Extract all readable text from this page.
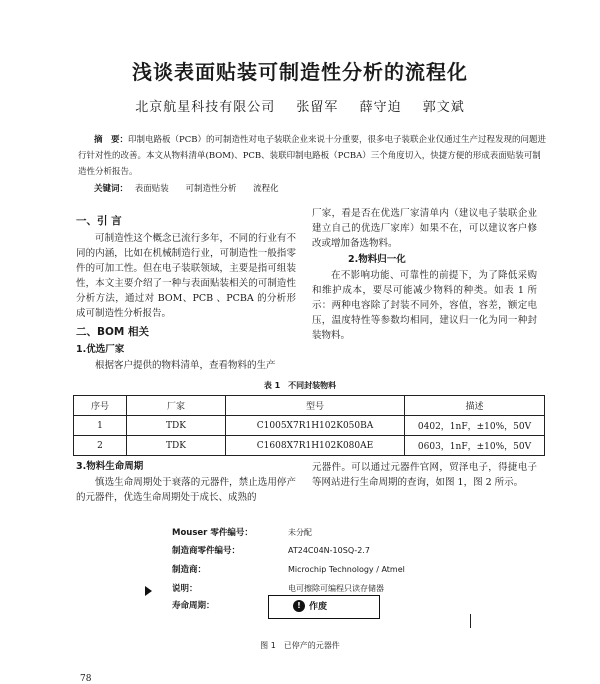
浅谈表面贴装可制造性分析的流程化
北京航星科技有限公司 张留军 薛守迫 郭文斌
摘　要：印制电路板（PCB）的可制造性对电子装联企业来说十分重要，很多电子装联企业仅通过生产过程发现的问题进行针对性的改善。本文从物料清单(BOM)、PCB、装联印制电路板（PCBA）三个角度切入，快捷方便的形成表面贴装可制造性分析报告。
关键词： 表面贴装 可制造性分析 流程化
一、引 言

可制造性这个概念已流行多年，不同的行业有不同的内涵，比如在机械制造行业，可制造性一般指零件的可加工性。但在电子装联领域，主要是指可组装性，本文主要介绍了一种与表面贴装相关的可制造性分析方法，通过对 BOM、PCB 、PCBA 的分析形成可制造性分析报告。

二、BOM 相关
1.优选厂家

根据客户提供的物料清单，查看物料的生产

厂家，看是否在优选厂家清单内（建议电子装联企业建立自己的优选厂家库）如果不在，可以建议客户修改或增加备选物料。

2.物料归一化

在不影响功能、可靠性的前提下，为了降低采购和维护成本，要尽可能减少物料的种类。如表 1 所示：两种电容除了封装不同外，容值，容差，额定电压，温度特性等参数均相同，建议归一化为同一种封装物料。

表 1　不同封装物料
序号	厂家	型号	描述
1	TDK	C1005X7R1H102K050BA	0402，1nF，±10%，50V
2	TDK	C1608X7R1H102K080AE	0603，1nF，±10%，50V
3.物料生命周期

慎选生命周期处于衰落的元器件，禁止选用停产的元器件，优选生命周期处于成长、成熟的

元器件。可以通过元器件官网，贸泽电子，得捷电子等网站进行生命周期的查询，如图 1，图 2 所示。

Mouser 零件编号：	未分配
制造商零件编号：	AT24C04N-10SQ-2.7
制造商：	Microchip Technology / Atmel
说明：	电可擦除可编程只读存储器
寿命周期：	! 作废
图 1　已停产的元器件
78
